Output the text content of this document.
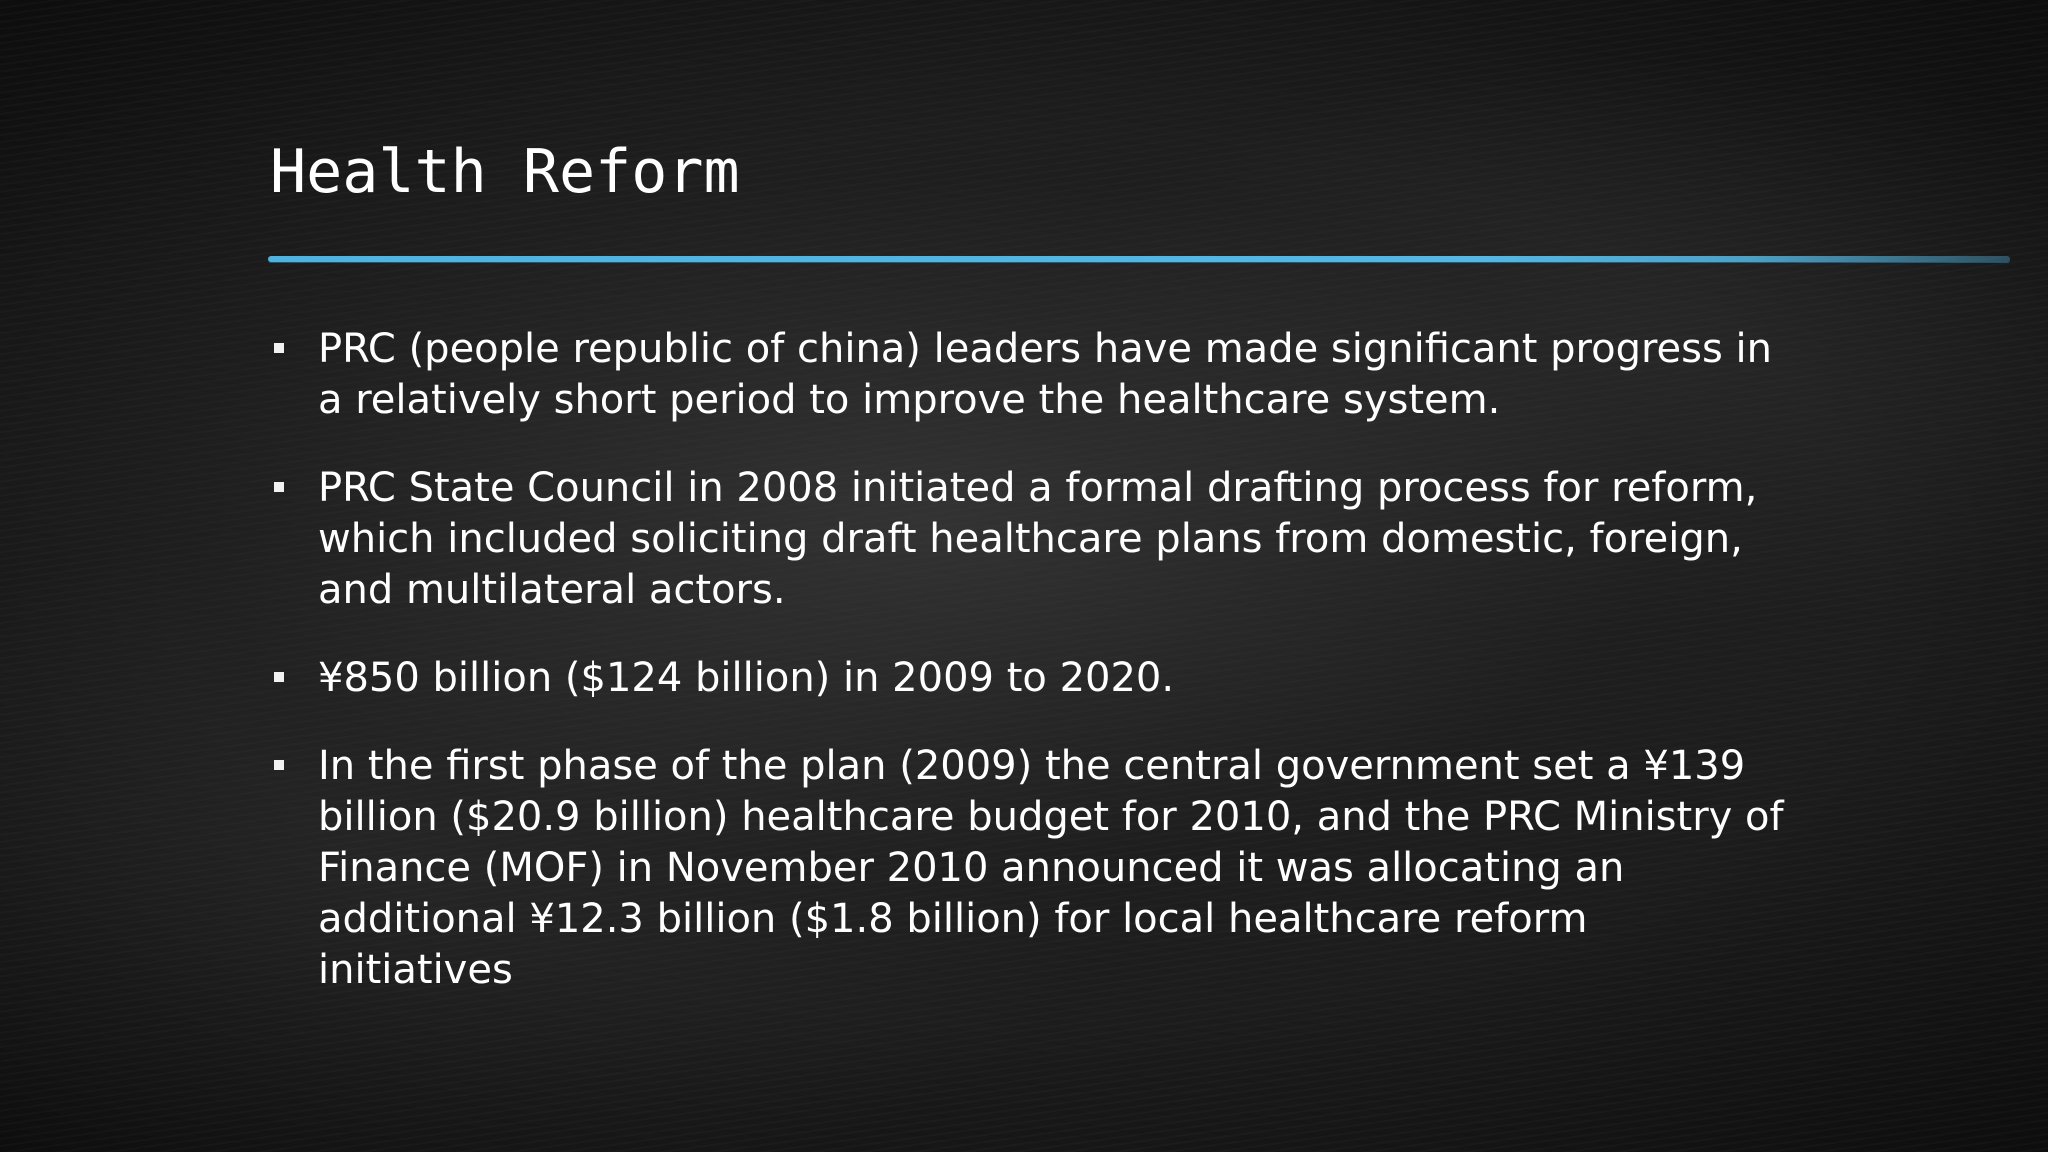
Health Reform
PRC (people republic of china) leaders have made significant progress in a relatively short period to improve the healthcare system.
PRC State Council in 2008 initiated a formal drafting process for reform, which included soliciting draft healthcare plans from domestic, foreign, and multilateral actors.
¥850 billion ($124 billion) in 2009 to 2020.
In the first phase of the plan (2009) the central government set a ¥139 billion ($20.9 billion) healthcare budget for 2010, and the PRC Ministry of Finance (MOF) in November 2010 announced it was allocating an additional ¥12.3 billion ($1.8 billion) for local healthcare reform initiatives
